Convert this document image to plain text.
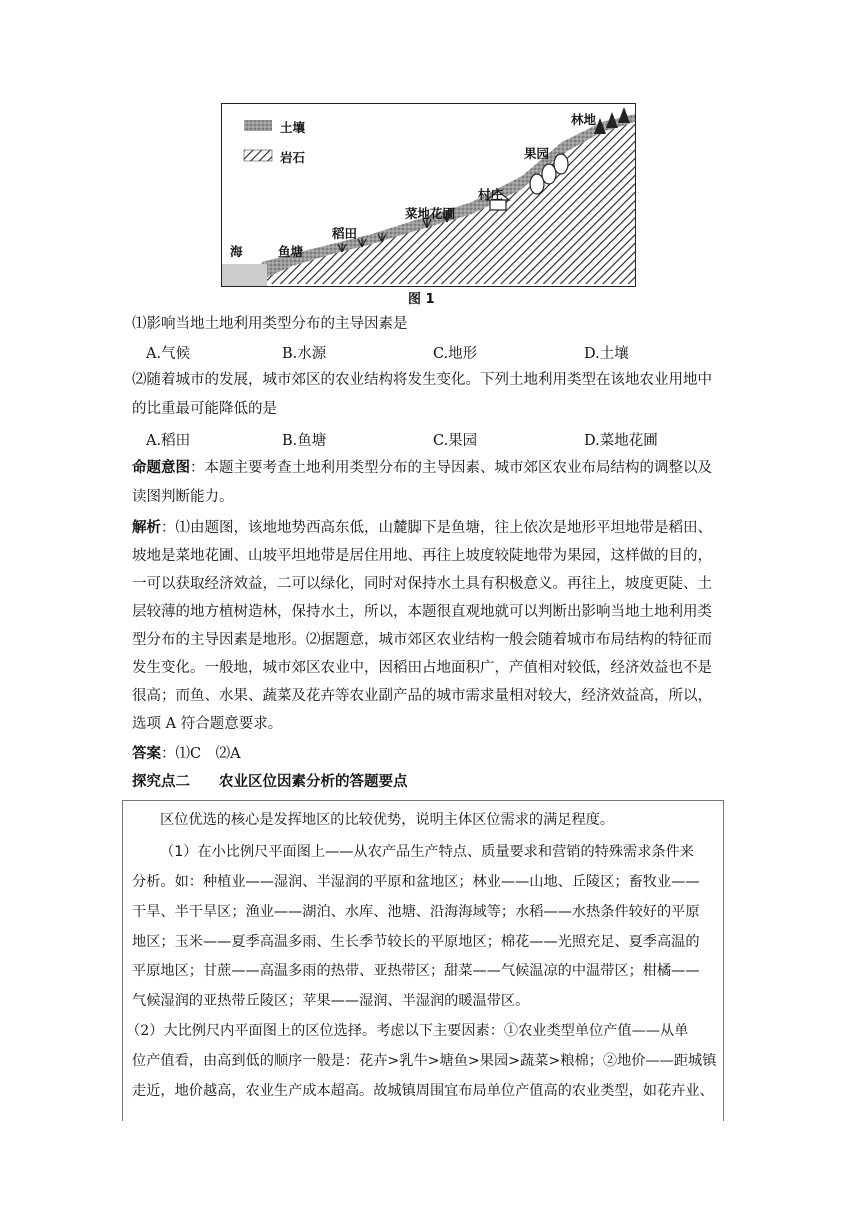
土壤
岩石
海	鱼塘
稻田
菜地花圃
村庄
果园
林地
图 1
⑴影响当地土地利用类型分布的主导因素是
A.气候	B.水源	C.地形	D.土壤
⑵随着城市的发展，城市郊区的农业结构将发生变化。下列土地利用类型在该地农业用地中
的比重最可能降低的是
A.稻田	B.鱼塘	C.果园	D.菜地花圃
命题意图：本题主要考查土地利用类型分布的主导因素、城市郊区农业布局结构的调整以及
读图判断能力。
解析：⑴由题图，该地地势西高东低，山麓脚下是鱼塘，往上依次是地形平坦地带是稻田、
坡地是菜地花圃、山坡平坦地带是居住用地、再往上坡度较陡地带为果园，这样做的目的，
一可以获取经济效益，二可以绿化，同时对保持水土具有积极意义。再往上，坡度更陡、土
层较薄的地方植树造林，保持水土，所以，本题很直观地就可以判断出影响当地土地利用类
型分布的主导因素是地形。⑵据题意，城市郊区农业结构一般会随着城市布局结构的特征而
发生变化。一般地，城市郊区农业中，因稻田占地面积广，产值相对较低，经济效益也不是
很高；而鱼、水果、蔬菜及花卉等农业副产品的城市需求量相对较大，经济效益高，所以，
选项 A 符合题意要求。
答案：⑴C　⑵A
探究点二　　农业区位因素分析的答题要点
区位优选的核心是发挥地区的比较优势，说明主体区位需求的满足程度。
（1）在小比例尺平面图上——从农产品生产特点、质量要求和营销的特殊需求条件来
分析。如：种植业——湿润、半湿润的平原和盆地区；林业——山地、丘陵区；畜牧业——
干旱、半干旱区；渔业——湖泊、水库、池塘、沿海海域等；水稻——水热条件较好的平原
地区；玉米——夏季高温多雨、生长季节较长的平原地区；棉花——光照充足、夏季高温的
平原地区；甘蔗——高温多雨的热带、亚热带区；甜菜——气候温凉的中温带区；柑橘——
气候湿润的亚热带丘陵区；苹果——湿润、半湿润的暖温带区。
（2）大比例尺内平面图上的区位选择。考虑以下主要因素：①农业类型单位产值——从单
位产值看，由高到低的顺序一般是：花卉>乳牛>塘鱼>果园>蔬菜>粮棉；②地价——距城镇
走近，地价越高，农业生产成本超高。故城镇周围宜布局单位产值高的农业类型，如花卉业、
